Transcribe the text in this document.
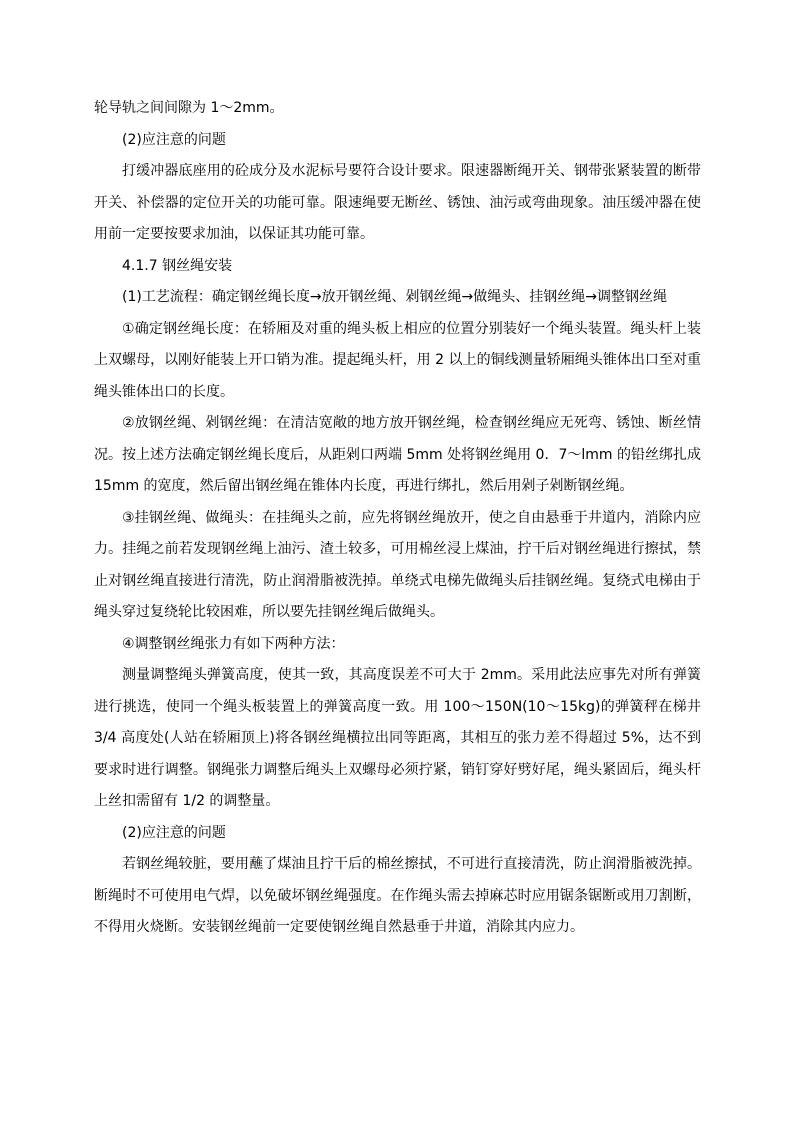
轮导轨之间间隙为 1～2mm。

(2)应注意的问题

打缓冲器底座用的砼成分及水泥标号要符合设计要求。限速器断绳开关、钢带张紧装置的断带开关、补偿器的定位开关的功能可靠。限速绳要无断丝、锈蚀、油污或弯曲现象。油压缓冲器在使用前一定要按要求加油，以保证其功能可靠。

4.1.7 钢丝绳安装

(1)工艺流程：确定钢丝绳长度→放开钢丝绳、剁钢丝绳→做绳头、挂钢丝绳→调整钢丝绳

①确定钢丝绳长度：在轿厢及对重的绳头板上相应的位置分别装好一个绳头装置。绳头杆上装上双螺母，以刚好能装上开口销为准。提起绳头杆，用 2 以上的铜线测量轿厢绳头锥体出口至对重绳头锥体出口的长度。

②放钢丝绳、剁钢丝绳：在清洁宽敞的地方放开钢丝绳，检查钢丝绳应无死弯、锈蚀、断丝情况。按上述方法确定钢丝绳长度后，从距剁口两端 5mm 处将钢丝绳用 0．7～lmm 的铅丝绑扎成 15mm 的宽度，然后留出钢丝绳在锥体内长度，再进行绑扎，然后用剁子剁断钢丝绳。

③挂钢丝绳、做绳头：在挂绳头之前，应先将钢丝绳放开，使之自由悬垂于井道内，消除内应力。挂绳之前若发现钢丝绳上油污、渣土较多，可用棉丝浸上煤油，拧干后对钢丝绳进行擦拭，禁止对钢丝绳直接进行清洗，防止润滑脂被洗掉。单绕式电梯先做绳头后挂钢丝绳。复绕式电梯由于绳头穿过复绕轮比较困难，所以要先挂钢丝绳后做绳头。

④调整钢丝绳张力有如下两种方法：

测量调整绳头弹簧高度，使其一致，其高度误差不可大于 2mm。采用此法应事先对所有弹簧进行挑选，使同一个绳头板装置上的弹簧高度一致。用 100～150N(10～15kg)的弹簧秤在梯井 3/4 高度处(人站在轿厢顶上)将各钢丝绳横拉出同等距离，其相互的张力差不得超过 5%，达不到要求时进行调整。钢绳张力调整后绳头上双螺母必须拧紧，销钉穿好劈好尾，绳头紧固后，绳头杆上丝扣需留有 1/2 的调整量。

(2)应注意的问题

若钢丝绳较脏，要用蘸了煤油且拧干后的棉丝擦拭，不可进行直接清洗，防止润滑脂被洗掉。断绳时不可使用电气焊，以免破坏钢丝绳强度。在作绳头需去掉麻芯时应用锯条锯断或用刀割断，不得用火烧断。安装钢丝绳前一定要使钢丝绳自然悬垂于井道，消除其内应力。
